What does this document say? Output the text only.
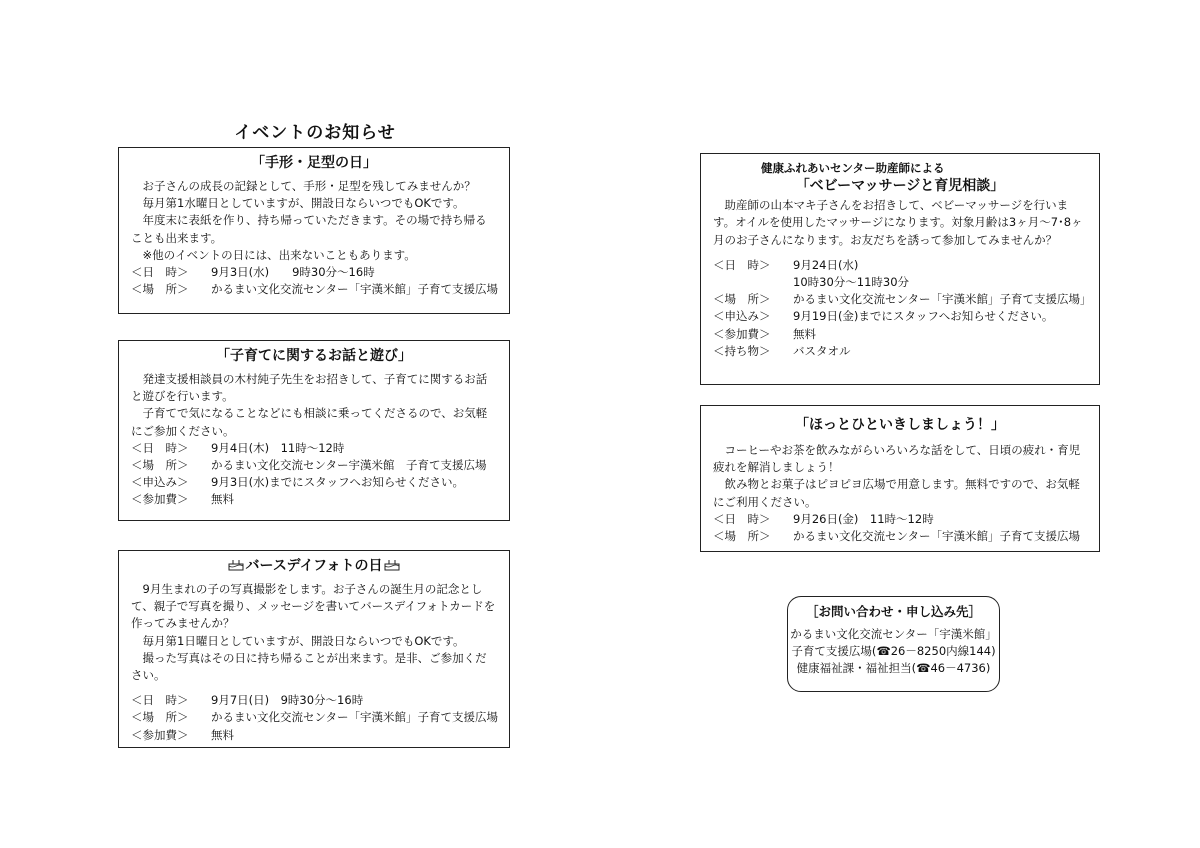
イベントのお知らせ
「手形・足型の日」

　お子さんの成長の記録として、手形・足型を残してみませんか？

　毎月第1水曜日としていますが、開設日ならいつでもOKです。

　年度末に表紙を作り、持ち帰っていただきます。その場で持ち帰ることも出来ます。

　※他のイベントの日には、出来ないこともあります。

＜日　時＞	9月3日(水)　　9時30分～16時
＜場　所＞	かるまい文化交流センター「宇漢米館」子育て支援広場
「子育てに関するお話と遊び」

　発達支援相談員の木村純子先生をお招きして、子育てに関するお話と遊びを行います。

　子育てで気になることなどにも相談に乗ってくださるので、お気軽にご参加ください。

＜日　時＞	9月4日(木)　11時～12時
＜場　所＞	かるまい文化交流センター宇漢米館　子育て支援広場
＜申込み＞	9月3日(水)までにスタッフへお知らせください。
＜参加費＞	無料
バースデイフォトの日

　9月生まれの子の写真撮影をします。お子さんの誕生月の記念として、親子で写真を撮り、メッセージを書いてバースデイフォトカードを作ってみませんか？

　毎月第1日曜日としていますが、開設日ならいつでもOKです。

　撮った写真はその日に持ち帰ることが出来ます。是非、ご参加ください。

＜日　時＞	9月7日(日)　9時30分～16時
＜場　所＞	かるまい文化交流センター「宇漢米館」子育て支援広場
＜参加費＞	無料
健康ふれあいセンター助産師による
「ベビーマッサージと育児相談」

　助産師の山本マキ子さんをお招きして、ベビーマッサージを行います。オイルを使用したマッサージになります。対象月齢は3ヶ月～7･8ヶ月のお子さんになります。お友だちを誘って参加してみませんか？

＜日　時＞	9月24日(水)
10時30分～11時30分
＜場　所＞	かるまい文化交流センター「宇漢米館」子育て支援広場」
＜申込み＞	9月19日(金)までにスタッフへお知らせください。
＜参加費＞	無料
＜持ち物＞	バスタオル
「ほっとひといきしましょう！」

　コーヒーやお茶を飲みながらいろいろな話をして、日頃の疲れ・育児疲れを解消しましょう！

　飲み物とお菓子はピヨピヨ広場で用意します。無料ですので、お気軽にご利用ください。

＜日　時＞	9月26日(金)　11時～12時
＜場　所＞	かるまい文化交流センター「宇漢米館」子育て支援広場
［お問い合わせ・申し込み先］
かるまい文化交流センター「宇漢米館」
子育て支援広場(☎26－8250内線144)
健康福祉課・福祉担当(☎46－4736)
